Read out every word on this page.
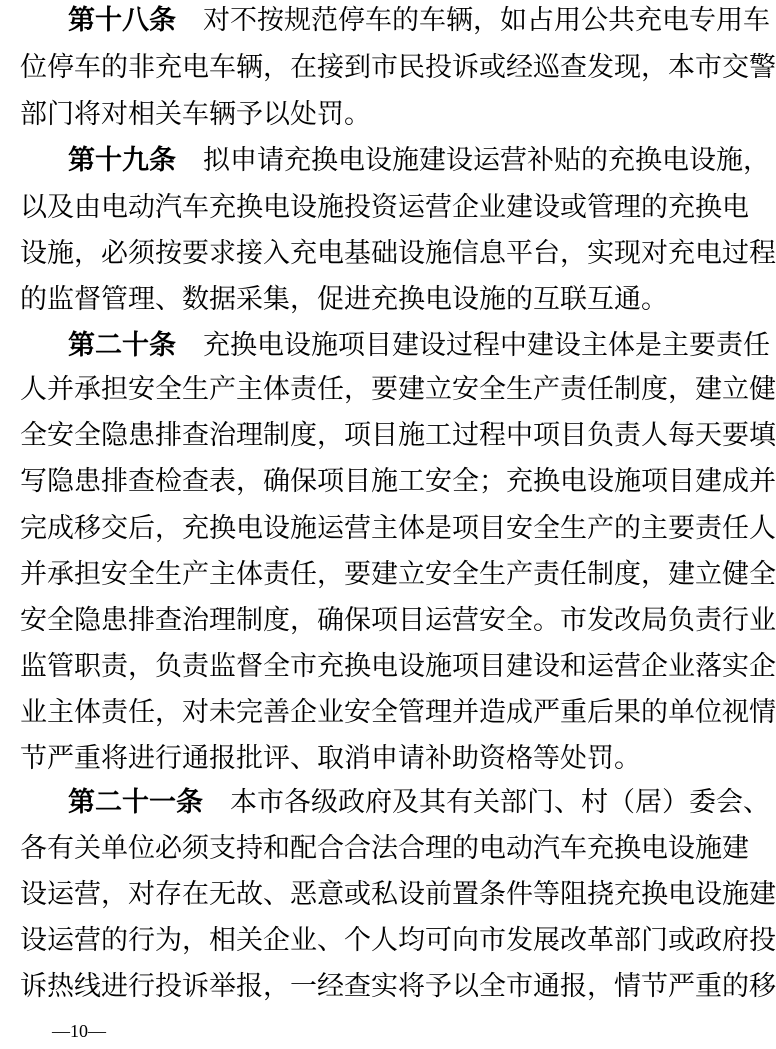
第十八条  对不按规范停车的车辆，如占用公共充电专用车
位停车的非充电车辆，在接到市民投诉或经巡查发现，本市交警
部门将对相关车辆予以处罚。
第十九条  拟申请充换电设施建设运营补贴的充换电设施，
以及由电动汽车充换电设施投资运营企业建设或管理的充换电
设施，必须按要求接入充电基础设施信息平台，实现对充电过程
的监督管理、数据采集，促进充换电设施的互联互通。
第二十条  充换电设施项目建设过程中建设主体是主要责任
人并承担安全生产主体责任，要建立安全生产责任制度，建立健
全安全隐患排查治理制度，项目施工过程中项目负责人每天要填
写隐患排查检查表，确保项目施工安全；充换电设施项目建成并
完成移交后，充换电设施运营主体是项目安全生产的主要责任人
并承担安全生产主体责任，要建立安全生产责任制度，建立健全
安全隐患排查治理制度，确保项目运营安全。市发改局负责行业
监管职责，负责监督全市充换电设施项目建设和运营企业落实企
业主体责任，对未完善企业安全管理并造成严重后果的单位视情
节严重将进行通报批评、取消申请补助资格等处罚。
第二十一条  本市各级政府及其有关部门、村（居）委会、
各有关单位必须支持和配合合法合理的电动汽车充换电设施建
设运营，对存在无故、恶意或私设前置条件等阻挠充换电设施建
设运营的行为，相关企业、个人均可向市发展改革部门或政府投
诉热线进行投诉举报，一经查实将予以全市通报，情节严重的移
—10—
